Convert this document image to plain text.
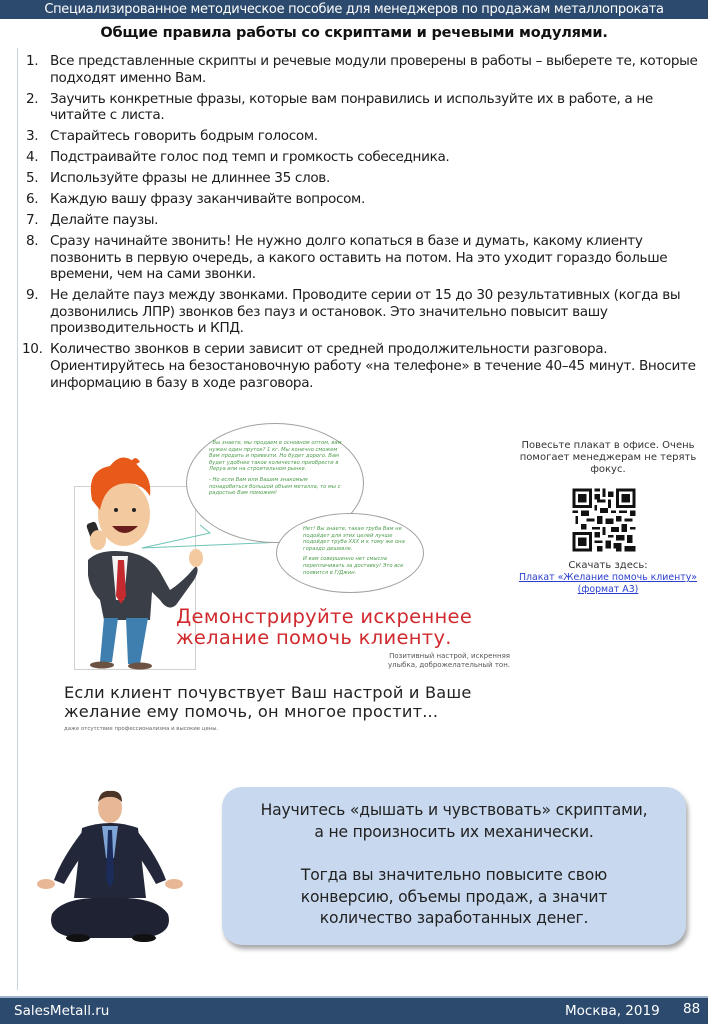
Специализированное методическое пособие для менеджеров по продажам металлопроката
Общие правила работы со скриптами и речевыми модулями.
1. Все представленные скрипты и речевые модули проверены в работы – выберете те, которые подходят именно Вам.
2. Заучить конкретные фразы, которые вам понравились и используйте их в работе, а не читайте с листа.
3. Старайтесь говорить бодрым голосом.
4. Подстраивайте голос под темп и громкость собеседника.
5. Используйте фразы не длиннее 35 слов.
6. Каждую вашу фразу заканчивайте вопросом.
7. Делайте паузы.
8. Сразу начинайте звонить! Не нужно долго копаться в базе и думать, какому клиенту позвонить в первую очередь, а какого оставить на потом. На это уходит гораздо больше времени, чем на сами звонки.
9. Не делайте пауз между звонками. Проводите серии от 15 до 30 результативных (когда вы дозвонились ЛПР) звонков без пауз и остановок. Это значительно повысит вашу производительность и КПД.
10. Количество звонков в серии зависит от средней продолжительности разговора. Ориентируйтесь на безостановочную работу «на телефоне» в течение 40–45 минут. Вносите информацию в базу в ходе разговора.

- Вы знаете, мы продаем в основном оптом, вам нужен один пруток? 1 кг. Мы конечно сможем Вам продать и привезти. Но будет дорого. Вам будет удобнее такое количество приобрести в Леруа или на строительном рынке.

- Но если Вам или Вашим знакомым понадобиться большой объем металла, то мы с радостью Вам поможем!

Нет! Вы знаете, такая труба Вам не подойдет для этих целей лучше подойдет труба ХХХ и к тому же она гораздо дешевле.

И вам совершенно нет смысла переплачивать за доставку! Это все появится в Г/Джин.

Демонстрируйте искреннее
желание помочь клиенту.
Позитивный настрой, искренняя
улыбка, доброжелательный тон.
Если клиент почувствует Ваш настрой и Ваше
желание ему помочь, он многое простит...
даже отсутствие профессионализма и высокие цены.
Повесьте плакат в офисе. Очень помогает менеджерам не терять фокус.
Скачать здесь:
Плакат «Желание помочь клиенту»
(формат А3)
Научитесь «дышать и чувствовать» скриптами,
а не произносить их механически.
Тогда вы значительно повысите свою
конверсию, объемы продаж, а значит
количество заработанных денег.
SalesMetall.ru	Москва, 2019 88
